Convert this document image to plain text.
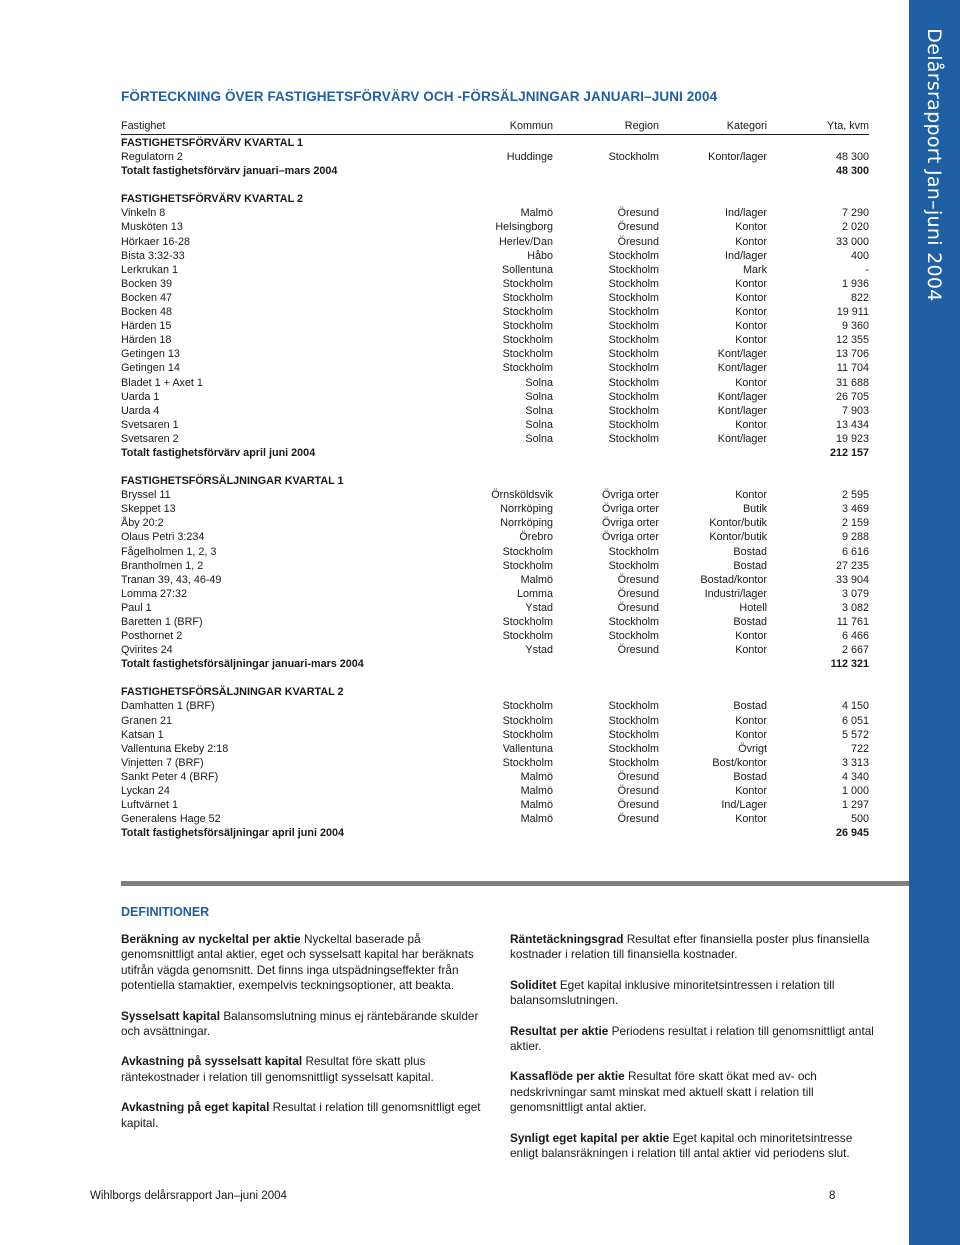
Delårsrapport Jan–juni 2004
FÖRTECKNING ÖVER FASTIGHETSFÖRVÄRV OCH -FÖRSÄLJNINGAR JANUARI–JUNI 2004
Fastighet	Kommun	Region	Kategori	Yta, kvm
FASTIGHETSFÖRVÄRV KVARTAL 1
Regulatorn 2	Huddinge	Stockholm	Kontor/lager	48 300
Totalt fastighetsförvärv januari–mars 2004	48 300
FASTIGHETSFÖRVÄRV KVARTAL 2
Vinkeln 8	Malmö	Öresund	Ind/lager	7 290
Musköten 13	Helsingborg	Öresund	Kontor	2 020
Hörkaer 16-28	Herlev/Dan	Öresund	Kontor	33 000
Bista 3:32-33	Håbo	Stockholm	Ind/lager	400
Lerkrukan 1	Sollentuna	Stockholm	Mark	-
Bocken 39	Stockholm	Stockholm	Kontor	1 936
Bocken 47	Stockholm	Stockholm	Kontor	822
Bocken 48	Stockholm	Stockholm	Kontor	19 911
Härden 15	Stockholm	Stockholm	Kontor	9 360
Härden 18	Stockholm	Stockholm	Kontor	12 355
Getingen 13	Stockholm	Stockholm	Kont/lager	13 706
Getingen 14	Stockholm	Stockholm	Kont/lager	11 704
Bladet 1 + Axet 1	Solna	Stockholm	Kontor	31 688
Uarda 1	Solna	Stockholm	Kont/lager	26 705
Uarda 4	Solna	Stockholm	Kont/lager	7 903
Svetsaren 1	Solna	Stockholm	Kontor	13 434
Svetsaren 2	Solna	Stockholm	Kont/lager	19 923
Totalt fastighetsförvärv april juni 2004	212 157
FASTIGHETSFÖRSÄLJNINGAR KVARTAL 1
Bryssel 11	Örnsköldsvik	Övriga orter	Kontor	2 595
Skeppet 13	Norrköping	Övriga orter	Butik	3 469
Åby 20:2	Norrköping	Övriga orter	Kontor/butik	2 159
Olaus Petri 3:234	Örebro	Övriga orter	Kontor/butik	9 288
Fågelholmen 1, 2, 3	Stockholm	Stockholm	Bostad	6 616
Brantholmen 1, 2	Stockholm	Stockholm	Bostad	27 235
Tranan 39, 43, 46-49	Malmö	Öresund	Bostad/kontor	33 904
Lomma 27:32	Lomma	Öresund	Industri/lager	3 079
Paul 1	Ystad	Öresund	Hotell	3 082
Baretten 1 (BRF)	Stockholm	Stockholm	Bostad	11 761
Posthornet 2	Stockholm	Stockholm	Kontor	6 466
Qvirites 24	Ystad	Öresund	Kontor	2 667
Totalt fastighetsförsäljningar januari-mars 2004	112 321
FASTIGHETSFÖRSÄLJNINGAR KVARTAL 2
Damhatten 1 (BRF)	Stockholm	Stockholm	Bostad	4 150
Granen 21	Stockholm	Stockholm	Kontor	6 051
Katsan 1	Stockholm	Stockholm	Kontor	5 572
Vallentuna Ekeby 2:18	Vallentuna	Stockholm	Övrigt	722
Vinjetten 7 (BRF)	Stockholm	Stockholm	Bost/kontor	3 313
Sankt Peter 4 (BRF)	Malmö	Öresund	Bostad	4 340
Lyckan 24	Malmö	Öresund	Kontor	1 000
Luftvärnet 1	Malmö	Öresund	Ind/Lager	1 297
Generalens Hage 52	Malmö	Öresund	Kontor	500
Totalt fastighetsförsäljningar april juni 2004	26 945
DEFINITIONER

Beräkning av nyckeltal per aktie Nyckeltal baserade på genomsnittligt antal aktier, eget och sysselsatt kapital har beräknats utifrån vägda genomsnitt. Det finns inga utspädningseffekter från potentiella stamaktier, exempelvis teckningsoptioner, att beakta.

Sysselsatt kapital Balansomslutning minus ej räntebärande skulder och avsättningar.

Avkastning på sysselsatt kapital Resultat före skatt plus räntekostnader i relation till genomsnittligt sysselsatt kapital.

Avkastning på eget kapital Resultat i relation till genomsnittligt eget kapital.

Räntetäckningsgrad Resultat efter finansiella poster plus finansiella kostnader i relation till finansiella kostnader.

Soliditet Eget kapital inklusive minoritetsintressen i relation till balansomslutningen.

Resultat per aktie Periodens resultat i relation till genomsnittligt antal aktier.

Kassaflöde per aktie Resultat före skatt ökat med av- och nedskrivningar samt minskat med aktuell skatt i relation till genomsnittligt antal aktier.

Synligt eget kapital per aktie Eget kapital och minoritetsintresse enligt balansräkningen i relation till antal aktier vid periodens slut.

Wihlborgs delårsrapport Jan–juni 2004	8
